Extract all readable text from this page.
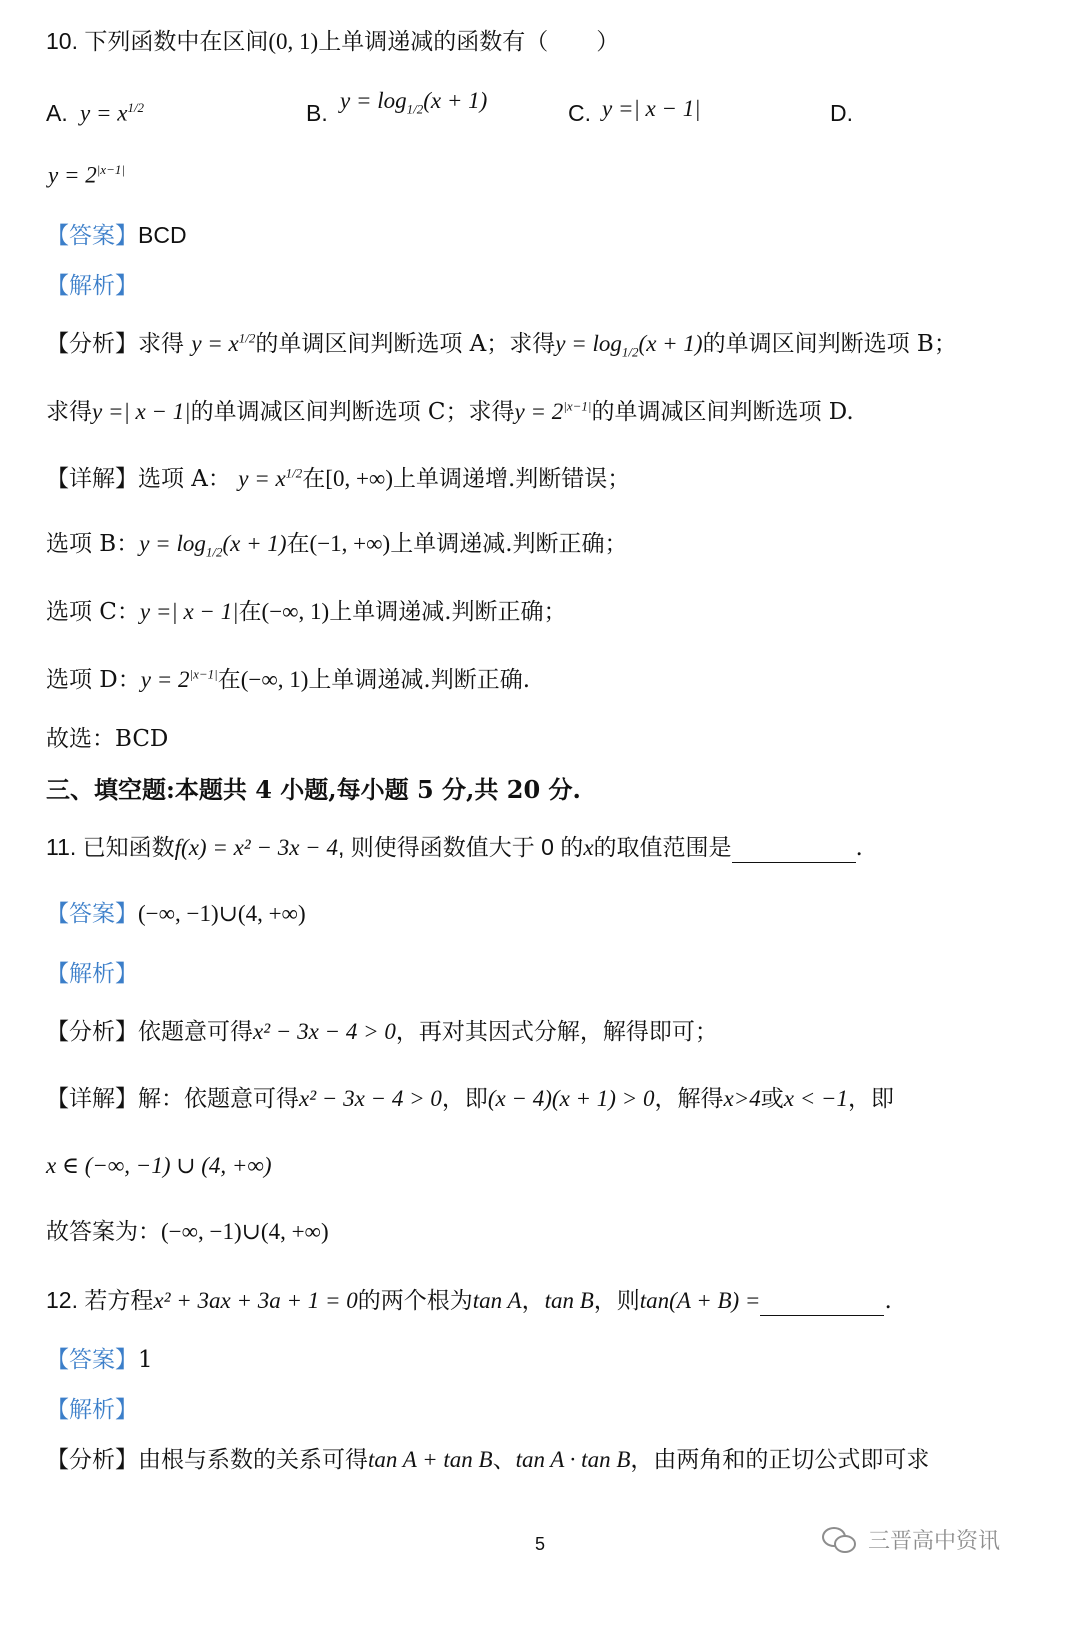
10. 下列函数中在区间(0, 1)上单调递减的函数有（ ）
A. $y = x^{1/2}$	B. $y = \log_{1/2}(x + 1)$	C. y =| x − 1|	D.
$y = 2^{|x-1|}$
【答案】BCD
【解析】
【分析】求得 $y = x^{1/2}$的单调区间判断选项 A；求得$y = \log_{1/2}(x + 1)$的单调区间判断选项 B；
求得y =| x − 1|的单调减区间判断选项 C；求得$y = 2^{|x-1|}$的单调减区间判断选项 D.
【详解】选项 A： $y = x^{1/2}$在[0, +∞)上单调递增.判断错误；
选项 B：$y = \log_{1/2}(x + 1)$在(−1, +∞)上单调递减.判断正确；
选项 C：y =| x − 1|在(−∞, 1)上单调递减.判断正确；
选项 D：$y = 2^{|x-1|}$在(−∞, 1)上单调递减.判断正确.
故选：BCD
三、填空题:本题共 4 小题,每小题 5 分,共 20 分.
11. 已知函数f(x) = x² − 3x − 4, 则使得函数值大于 0 的x的取值范围是	.
【答案】(−∞, −1)∪(4, +∞)
【解析】
【分析】依题意可得x² − 3x − 4 > 0，再对其因式分解，解得即可；
【详解】解：依题意可得x² − 3x − 4 > 0，即(x − 4)(x + 1) > 0，解得x>4或x < −1，即
x ∈ (−∞, −1) ∪ (4, +∞)
故答案为：(−∞, −1)∪(4, +∞)
12. 若方程x² + 3ax + 3a + 1 = 0的两个根为tan A，tan B，则tan(A + B) =	.
【答案】1
【解析】
【分析】由根与系数的关系可得tan A + tan B、tan A · tan B，由两角和的正切公式即可求
三晋高中资讯
5
